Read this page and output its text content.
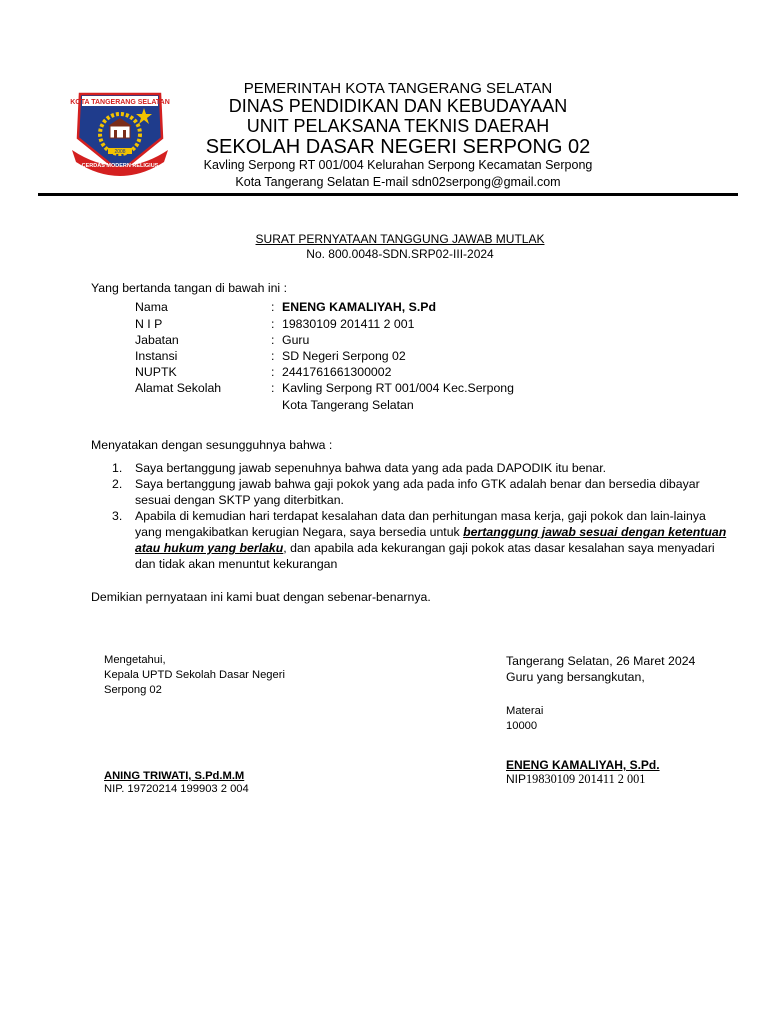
KOTA TANGERANG SELATAN
2008
CERDAS MODERN RELIGIUS
PEMERINTAH KOTA TANGERANG SELATAN
DINAS PENDIDIKAN DAN KEBUDAYAAN
UNIT PELAKSANA TEKNIS DAERAH
SEKOLAH DASAR NEGERI SERPONG 02
Kavling Serpong RT 001/004 Kelurahan Serpong Kecamatan Serpong
Kota Tangerang Selatan E-mail sdn02serpong@gmail.com
SURAT PERNYATAAN TANGGUNG JAWAB MUTLAK
No. 800.0048-SDN.SRP02-III-2024
Yang bertanda tangan di bawah ini :
Nama	: ENENG KAMALIYAH, S.Pd
N I P	: 19830109 201411 2 001
Jabatan	: Guru
Instansi	: SD Negeri Serpong 02
NUPTK	: 2441761661300002
Alamat Sekolah	: Kavling Serpong RT 001/004 Kec.Serpong
Kota Tangerang Selatan
Menyatakan dengan sesungguhnya bahwa :
1. Saya bertanggung jawab sepenuhnya bahwa data yang ada pada DAPODIK itu benar.
2. Saya bertanggung jawab bahwa gaji pokok yang ada pada info GTK adalah benar dan bersedia dibayar sesuai dengan SKTP yang diterbitkan.
3. Apabila di kemudian hari terdapat kesalahan data dan perhitungan masa kerja, gaji pokok dan lain-lainya yang mengakibatkan kerugian Negara, saya bersedia untuk bertanggung jawab sesuai dengan ketentuan atau hukum yang berlaku, dan apabila ada kekurangan gaji pokok atas dasar kesalahan saya menyadari dan tidak akan menuntut kekurangan
Demikian pernyataan ini kami buat dengan sebenar-benarnya.
Mengetahui,
Kepala UPTD Sekolah Dasar Negeri
Serpong 02
ANING TRIWATI, S.Pd.M.M
NIP. 19720214 199903 2 004
Tangerang Selatan, 26 Maret 2024
Guru yang bersangkutan,
Materai
10000
ENENG KAMALIYAH, S.Pd.
NIP19830109 201411 2 001
